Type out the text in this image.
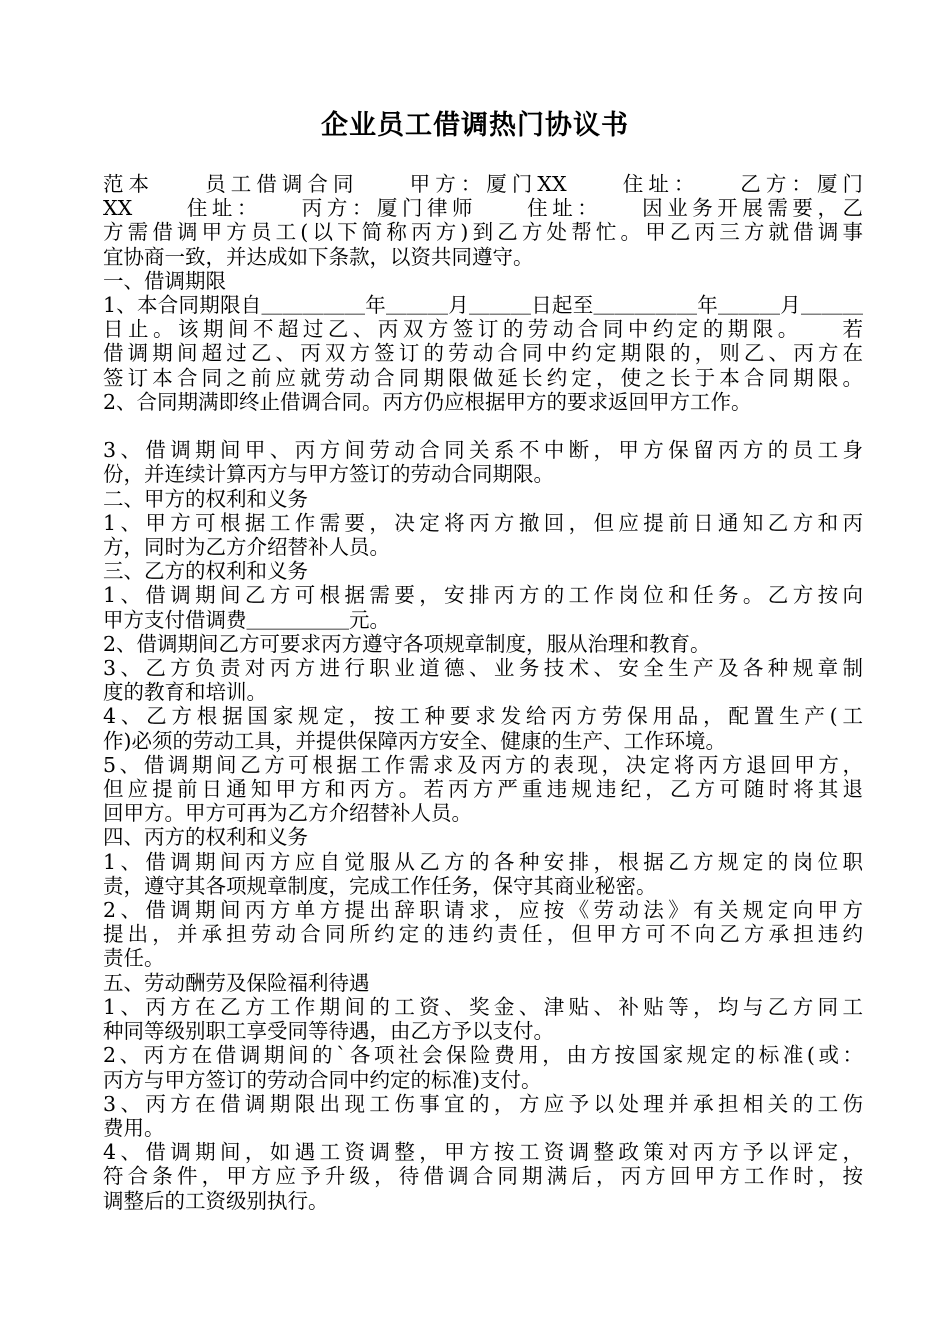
企业员工借调热门协议书
范本　　员工借调合同　　甲方：厦门XX　　住址：　　乙方：厦门
XX　　住址：　　丙方：厦门律师　　住址：　　因业务开展需要，乙
方需借调甲方员工(以下简称丙方)到乙方处帮忙。甲乙丙三方就借调事
宜协商一致，并达成如下条款，以资共同遵守。
一、借调期限
1、本合同期限自＿＿＿＿＿年＿＿＿月＿＿＿日起至＿＿＿＿＿年＿＿＿月＿＿＿
日止。该期间不超过乙、丙双方签订的劳动合同中约定的期限。　　若
借调期间超过乙、丙双方签订的劳动合同中约定期限的，则乙、丙方在
签订本合同之前应就劳动合同期限做延长约定，使之长于本合同期限。
2、合同期满即终止借调合同。丙方仍应根据甲方的要求返回甲方工作。
3、借调期间甲、丙方间劳动合同关系不中断，甲方保留丙方的员工身
份，并连续计算丙方与甲方签订的劳动合同期限。
二、甲方的权利和义务
1、甲方可根据工作需要，决定将丙方撤回，但应提前日通知乙方和丙
方，同时为乙方介绍替补人员。
三、乙方的权利和义务
1、借调期间乙方可根据需要，安排丙方的工作岗位和任务。乙方按向
甲方支付借调费＿＿＿＿＿元。
2、借调期间乙方可要求丙方遵守各项规章制度，服从治理和教育。
3、乙方负责对丙方进行职业道德、业务技术、安全生产及各种规章制
度的教育和培训。
4、乙方根据国家规定，按工种要求发给丙方劳保用品，配置生产(工
作)必须的劳动工具，并提供保障丙方安全、健康的生产、工作环境。
5、借调期间乙方可根据工作需求及丙方的表现，决定将丙方退回甲方，
但应提前日通知甲方和丙方。若丙方严重违规违纪，乙方可随时将其退
回甲方。甲方可再为乙方介绍替补人员。
四、丙方的权利和义务
1、借调期间丙方应自觉服从乙方的各种安排，根据乙方规定的岗位职
责，遵守其各项规章制度，完成工作任务，保守其商业秘密。
2、借调期间丙方单方提出辞职请求，应按《劳动法》有关规定向甲方
提出，并承担劳动合同所约定的违约责任，但甲方可不向乙方承担违约
责任。
五、劳动酬劳及保险福利待遇
1、丙方在乙方工作期间的工资、奖金、津贴、补贴等，均与乙方同工
种同等级别职工享受同等待遇，由乙方予以支付。
2、丙方在借调期间的`各项社会保险费用，由方按国家规定的标准(或：
丙方与甲方签订的劳动合同中约定的标准)支付。
3、丙方在借调期限出现工伤事宜的，方应予以处理并承担相关的工伤
费用。
4、借调期间，如遇工资调整，甲方按工资调整政策对丙方予以评定，
符合条件，甲方应予升级，待借调合同期满后，丙方回甲方工作时，按
调整后的工资级别执行。
